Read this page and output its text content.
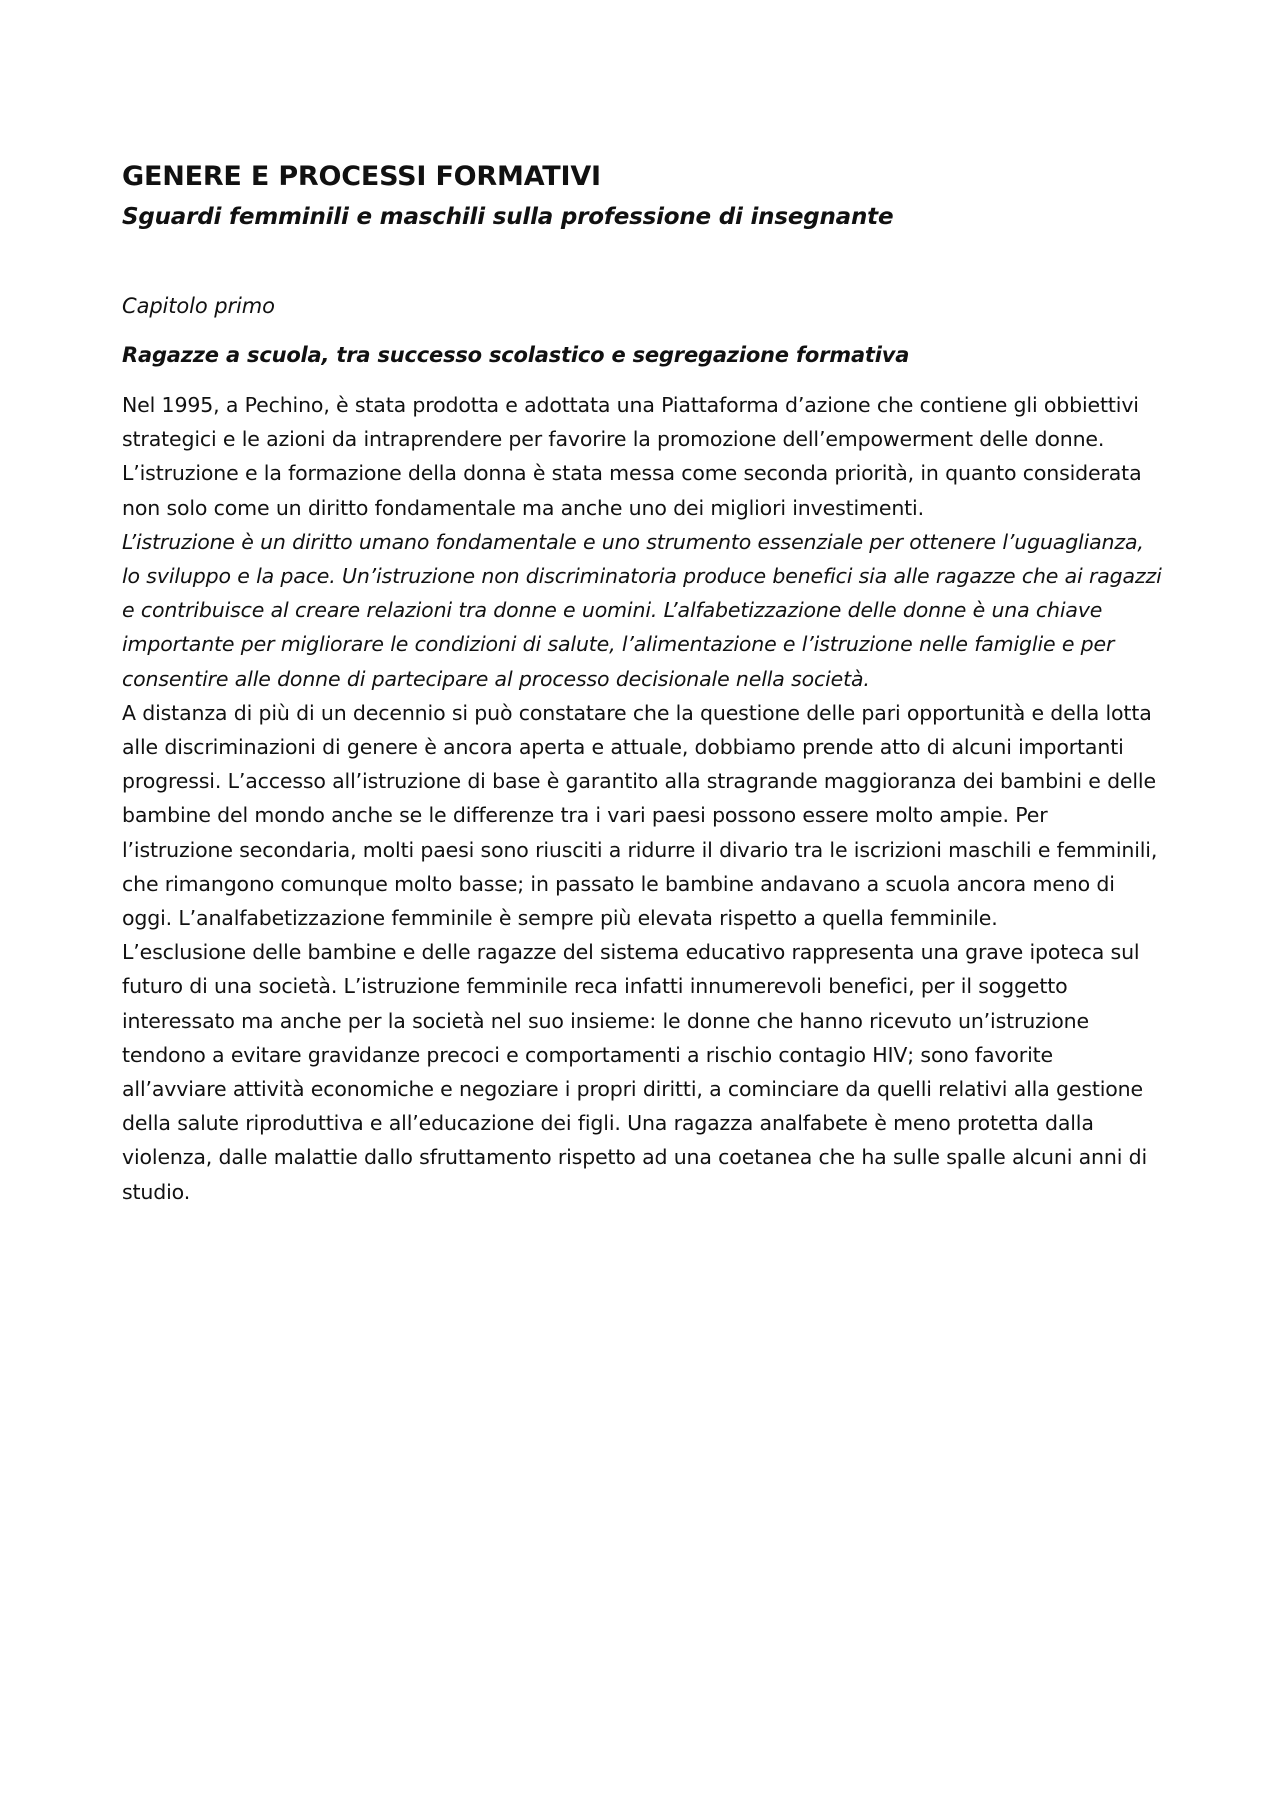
GENERE E PROCESSI FORMATIVI
Sguardi femminili e maschili sulla professione di insegnante

Capitolo primo

Ragazze a scuola, tra successo scolastico e segregazione formativa

Nel 1995, a Pechino, è stata prodotta e adottata una Piattaforma d’azione che contiene gli obbiettivi strategici e le azioni da intraprendere per favorire la promozione dell’empowerment delle donne. L’istruzione e la formazione della donna è stata messa come seconda priorità, in quanto considerata non solo come un diritto fondamentale ma anche uno dei migliori investimenti.

L’istruzione è un diritto umano fondamentale e uno strumento essenziale per ottenere l’uguaglianza, lo sviluppo e la pace. Un’istruzione non discriminatoria produce benefici sia alle ragazze che ai ragazzi e contribuisce al creare relazioni tra donne e uomini. L’alfabetizzazione delle donne è una chiave importante per migliorare le condizioni di salute, l’alimentazione e l’istruzione nelle famiglie e per consentire alle donne di partecipare al processo decisionale nella società.

A distanza di più di un decennio si può constatare che la questione delle pari opportunità e della lotta alle discriminazioni di genere è ancora aperta e attuale, dobbiamo prende atto di alcuni importanti progressi. L’accesso all’istruzione di base è garantito alla stragrande maggioranza dei bambini e delle bambine del mondo anche se le differenze tra i vari paesi possono essere molto ampie. Per l’istruzione secondaria, molti paesi sono riusciti a ridurre il divario tra le iscrizioni maschili e femminili, che rimangono comunque molto basse; in passato le bambine andavano a scuola ancora meno di oggi. L’analfabetizzazione femminile è sempre più elevata rispetto a quella femminile.

L’esclusione delle bambine e delle ragazze del sistema educativo rappresenta una grave ipoteca sul futuro di una società. L’istruzione femminile reca infatti innumerevoli benefici, per il soggetto interessato ma anche per la società nel suo insieme: le donne che hanno ricevuto un’istruzione tendono a evitare gravidanze precoci e comportamenti a rischio contagio HIV; sono favorite all’avviare attività economiche e negoziare i propri diritti, a cominciare da quelli relativi alla gestione della salute riproduttiva e all’educazione dei figli. Una ragazza analfabete è meno protetta dalla violenza, dalle malattie dallo sfruttamento rispetto ad una coetanea che ha sulle spalle alcuni anni di studio.
